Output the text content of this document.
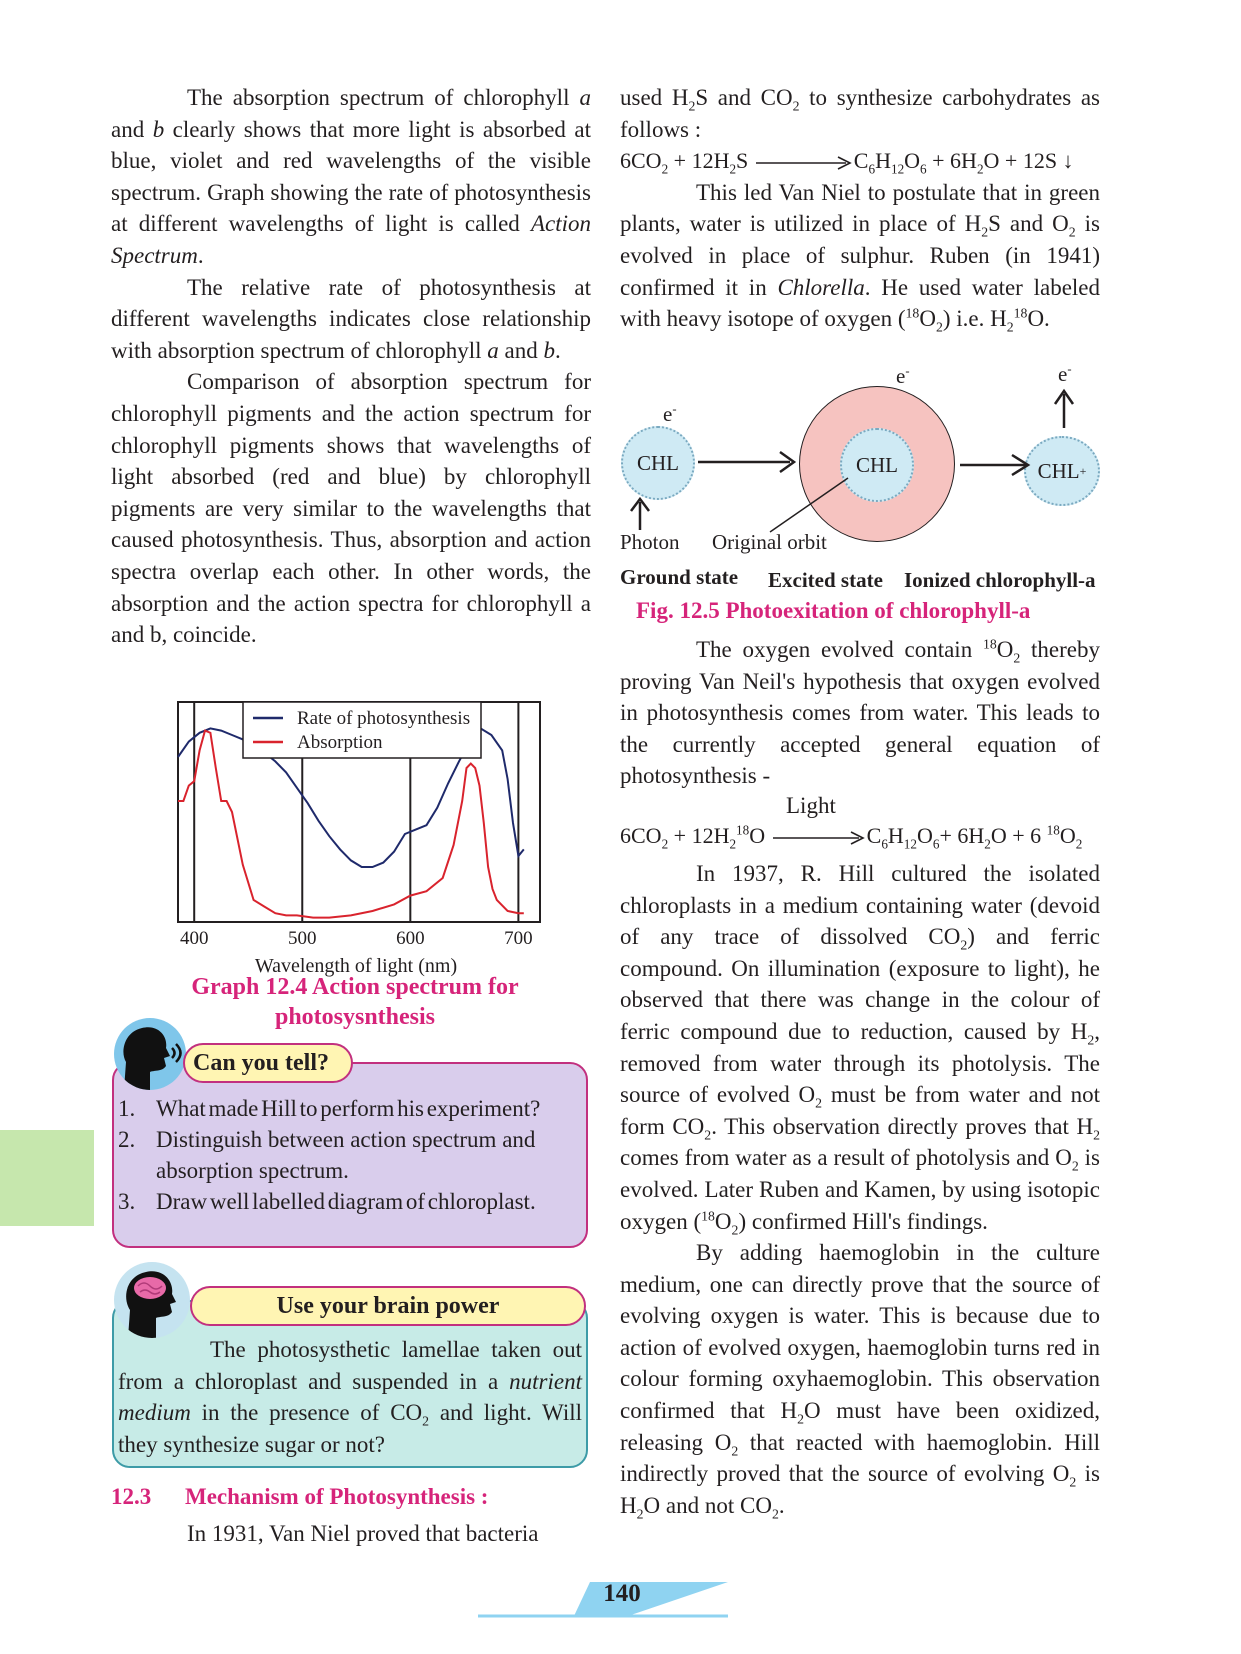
The absorption spectrum of chlorophyll a and b clearly shows that more light is absorbed at blue, violet and red wavelengths of the visible spectrum. Graph showing the rate of photosynthesis at different wavelengths of light is called Action Spectrum.

The relative rate of photosynthesis at different wavelengths indicates close relationship with absorption spectrum of chlorophyll a and b.

Comparison of absorption spectrum for chlorophyll pigments and the action spectrum for chlorophyll pigments shows that wavelengths of light absorbed (red and blue) by chlorophyll pigments are very similar to the wavelengths that caused photosynthesis. Thus, absorption and action spectra overlap each other. In other words, the absorption and the action spectra for chlorophyll a and b, coincide.

400	500	600	700
Wavelength of light (nm)
Rate of photosynthesis
Absorption
Graph 12.4 Action spectrum for
photosysnthesis
Can you tell?
1. What made Hill to perform his experiment?
2. Distinguish between action spectrum and absorption spectrum.
3. Draw well labelled diagram of chloroplast.
Use your brain power

The photosysthetic lamellae taken out from a chloroplast and suspended in a nutrient medium in the presence of $CO_2$ and light. Will they synthesize sugar or not?

12.3 Mechanism of Photosynthesis :
In 1931, Van Niel proved that bacteria

used $H_2S$ and $CO_2$ to synthesize carbohydrates as follows :

$6CO_2 + 12H_2S$	$C_6H_{12}O_6 + 6H_2O + 12S$ ↓

This led Van Niel to postulate that in green plants, water is utilized in place of $H_2S$ and $O_2$ is evolved in place of sulphur. Ruben (in 1941) confirmed it in Chlorella. He used water labeled with heavy isotope of oxygen $(^{18}O_2)$ i.e. $H_2^{18}O$.

e-	e-
e-
CHL	CHL	CHL +
Photon Original orbit
Ground state Excited state Ionized chlorophyll-a
Fig. 12.5 Photoexitation of chlorophyll-a

The oxygen evolved contain $^{18}O_2$ thereby proving Van Neil's hypothesis that oxygen evolved in photosynthesis comes from water. This leads to the currently accepted general equation of photosynthesis -

Light
$6CO_2 + 12H_2^{18}O$	$C_6H_{12}O_6+ 6H_2O + 6$ $^{18}O_2$

In 1937, R. Hill cultured the isolated chloroplasts in a medium containing water (devoid of any trace of dissolved $CO_2$) and ferric compound. On illumination (exposure to light), he observed that there was change in the colour of ferric compound due to reduction, caused by $H_2$, removed from water through its photolysis. The source of evolved $O_2$ must be from water and not form $CO_2$. This observation directly proves that $H_2$ comes from water as a result of photolysis and $O_2$ is evolved. Later Ruben and Kamen, by using isotopic oxygen $(^{18}O_2)$ confirmed Hill's findings.

By adding haemoglobin in the culture medium, one can directly prove that the source of evolving oxygen is water. This is because due to action of evolved oxygen, haemoglobin turns red in colour forming oxyhaemoglobin. This observation confirmed that $H_2O$ must have been oxidized, releasing $O_2$ that reacted with haemoglobin. Hill indirectly proved that the source of evolving $O_2$ is $H_2O$ and not $CO_2$.

140
